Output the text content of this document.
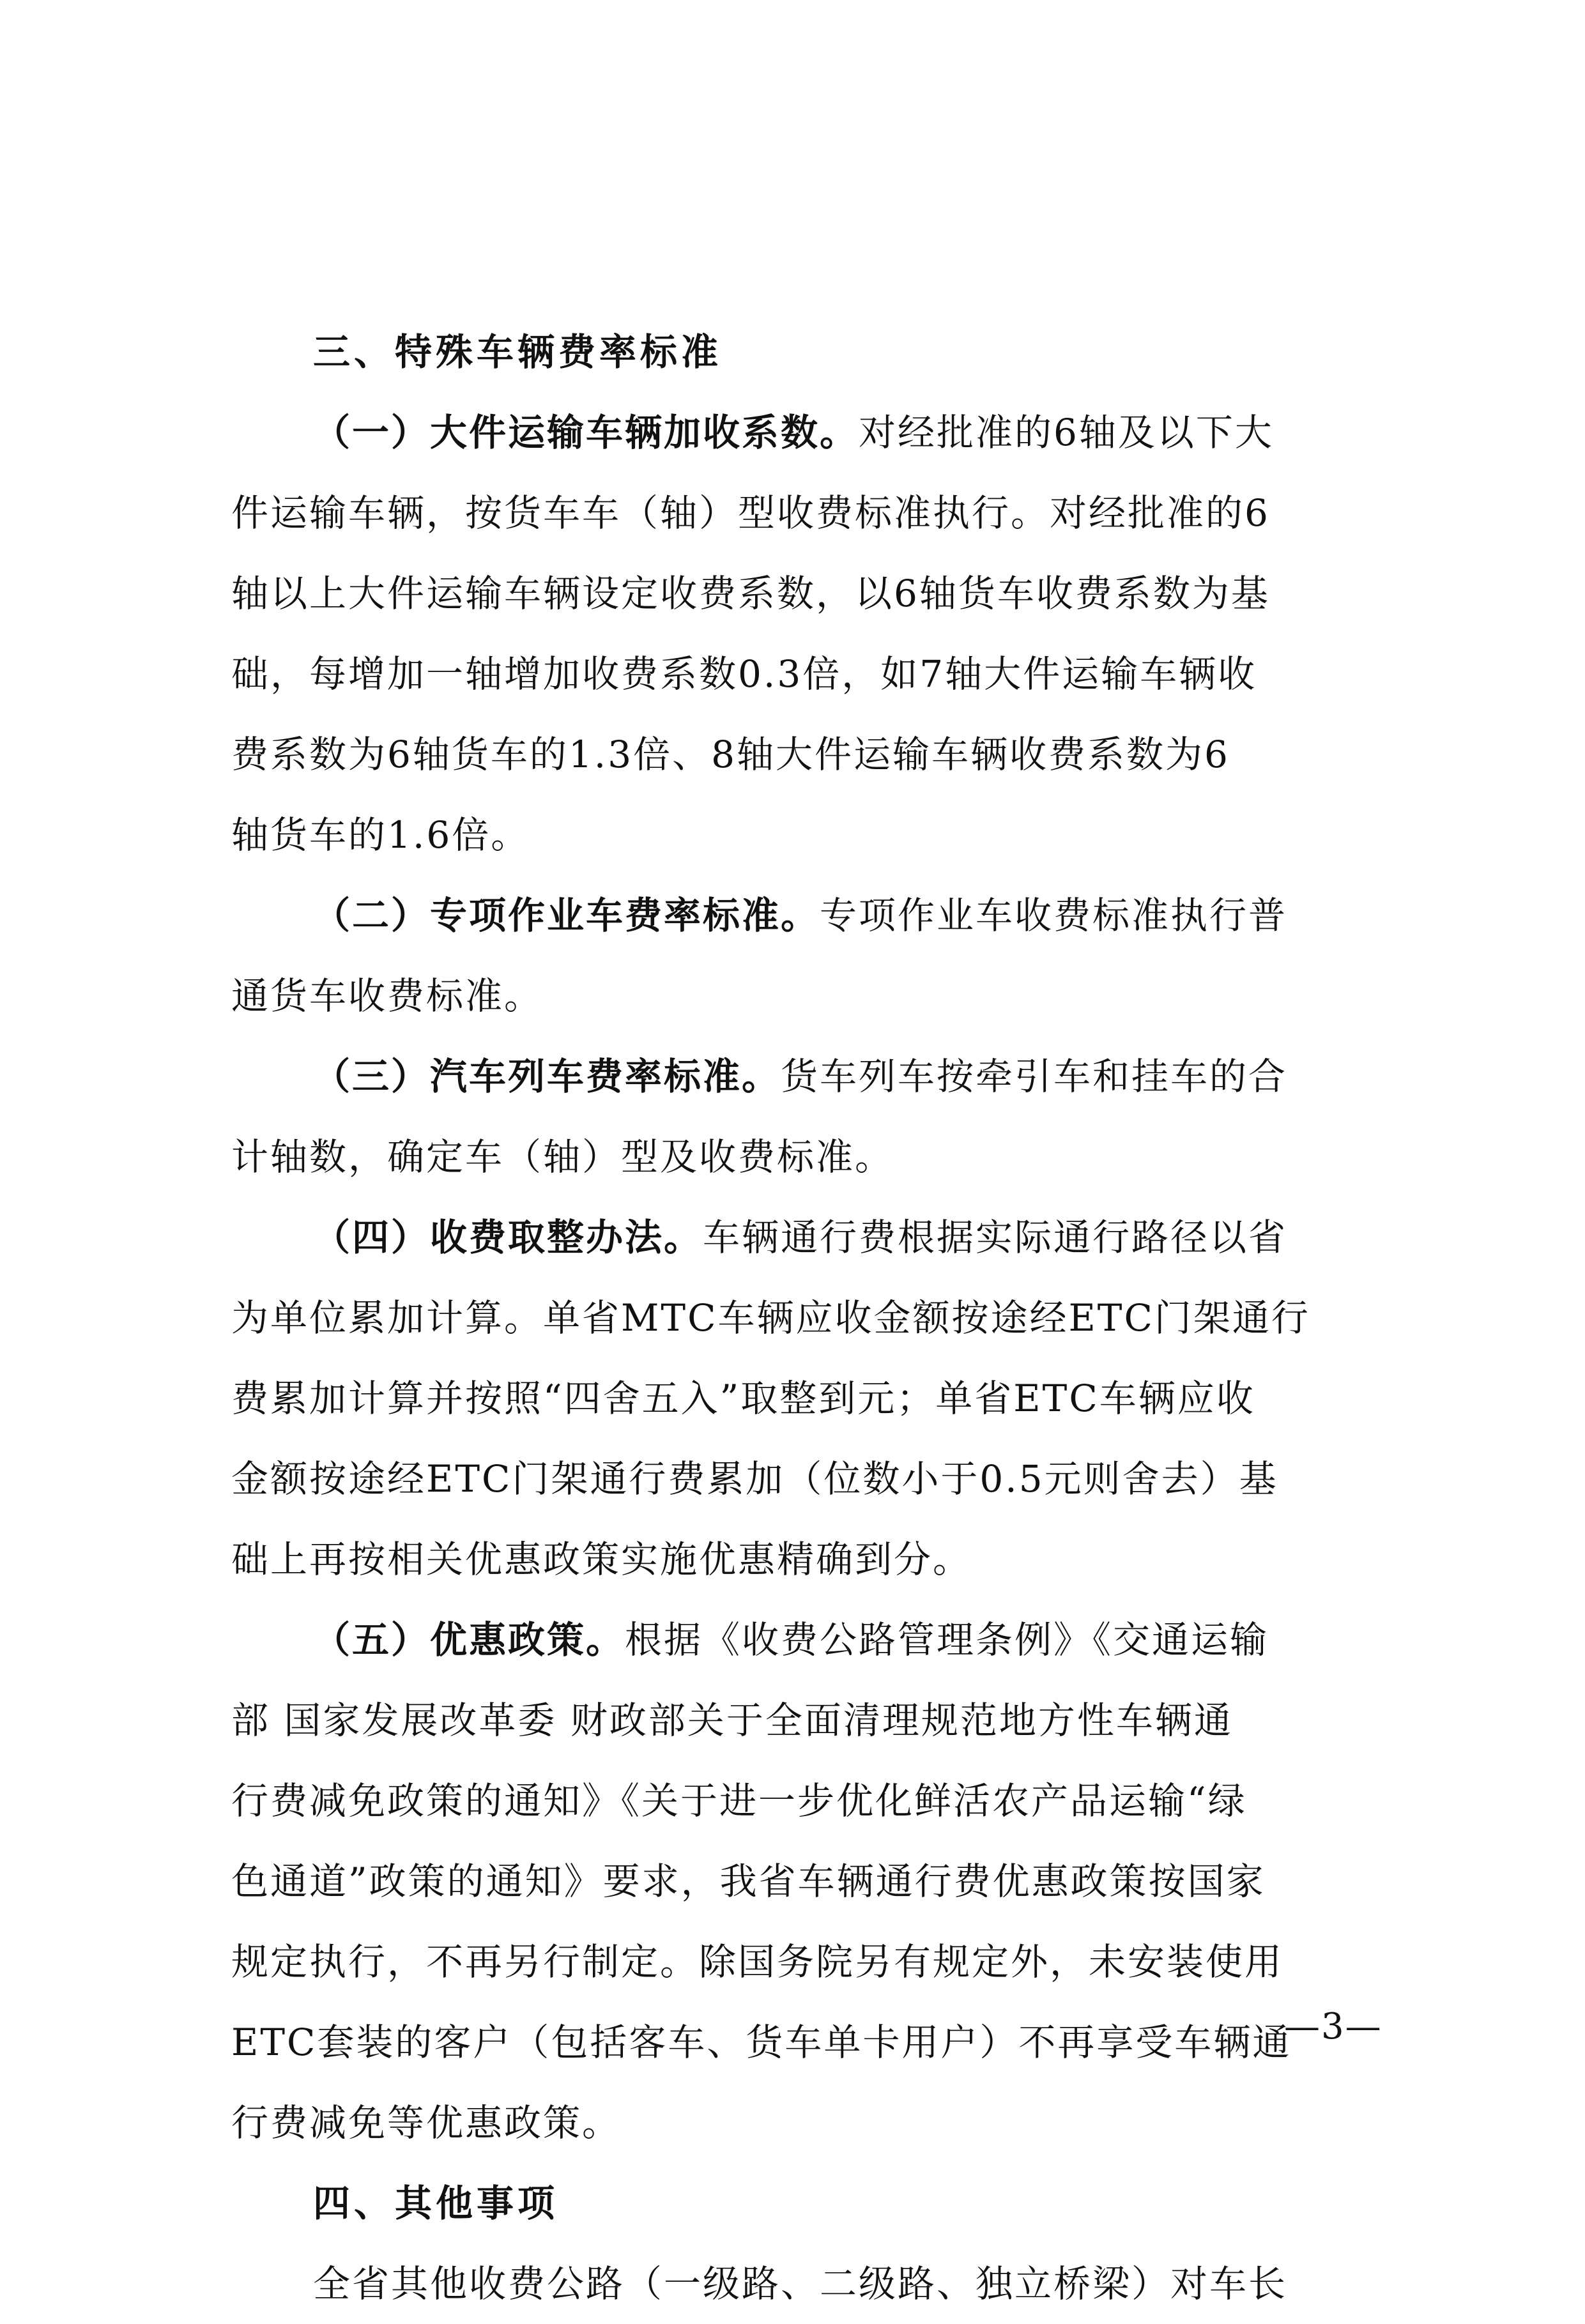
三、特殊车辆费率标准
（一）大件运输车辆加收系数。对经批准的6轴及以下大
件运输车辆，按货车车（轴）型收费标准执行。对经批准的6
轴以上大件运输车辆设定收费系数，以6轴货车收费系数为基
础，每增加一轴增加收费系数0.3倍，如7轴大件运输车辆收
费系数为6轴货车的1.3倍、8轴大件运输车辆收费系数为6
轴货车的1.6倍。
（二）专项作业车费率标准。专项作业车收费标准执行普
通货车收费标准。
（三）汽车列车费率标准。货车列车按牵引车和挂车的合
计轴数，确定车（轴）型及收费标准。
（四）收费取整办法。车辆通行费根据实际通行路径以省
为单位累加计算。单省MTC车辆应收金额按途经ETC门架通行
费累加计算并按照“四舍五入”取整到元；单省ETC车辆应收
金额按途经ETC门架通行费累加（位数小于0.5元则舍去）基
础上再按相关优惠政策实施优惠精确到分。
（五）优惠政策。根据《收费公路管理条例》《交通运输
部 国家发展改革委 财政部关于全面清理规范地方性车辆通
行费减免政策的通知》《关于进一步优化鲜活农产品运输“绿
色通道”政策的通知》要求，我省车辆通行费优惠政策按国家
规定执行，不再另行制定。除国务院另有规定外，未安装使用
ETC套装的客户（包括客车、货车单卡用户）不再享受车辆通
行费减免等优惠政策。
四、其他事项
全省其他收费公路（一级路、二级路、独立桥梁）对车长
—3—
